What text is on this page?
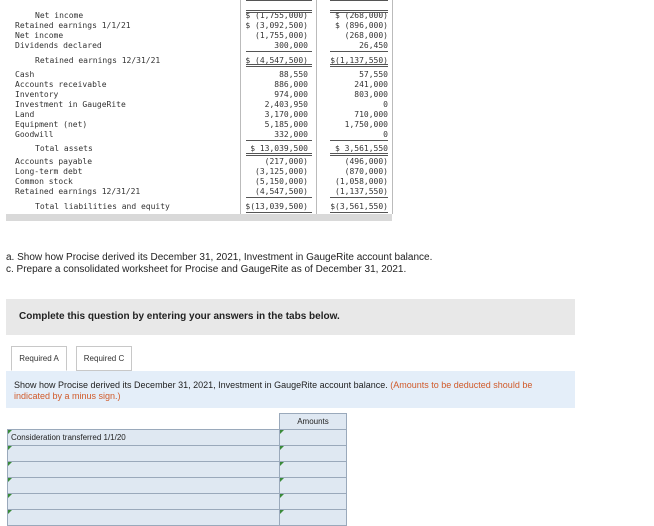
Net income	$ (1,755,000)	$ (268,000)
Retained earnings 1/1/21	$ (3,092,500)	$ (896,000)
Net income	(1,755,000)	(268,000)
Dividends declared	300,000	26,450
Retained earnings 12/31/21	$ (4,547,500)	$(1,137,550)
Cash	88,550	57,550
Accounts receivable	886,000	241,000
Inventory	974,000	803,000
Investment in GaugeRite	2,403,950	0
Land	3,170,000	710,000
Equipment (net)	5,185,000	1,750,000
Goodwill	332,000	0
Total assets	$ 13,039,500	$ 3,561,550
Accounts payable	(217,000)	(496,000)
Long-term debt	(3,125,000)	(870,000)
Common stock	(5,150,000)	(1,058,000)
Retained earnings 12/31/21	(4,547,500)	(1,137,550)
Total liabilities and equity	$(13,039,500)	$(3,561,550)
a. Show how Procise derived its December 31, 2021, Investment in GaugeRite account balance.
c. Prepare a consolidated worksheet for Procise and GaugeRite as of December 31, 2021.
Complete this question by entering your answers in the tabs below.
Required A	Required C
Show how Procise derived its December 31, 2021, Investment in GaugeRite account balance. (Amounts to be deducted should be indicated by a minus sign.)
	Amounts
Consideration transferred 1/1/20	
